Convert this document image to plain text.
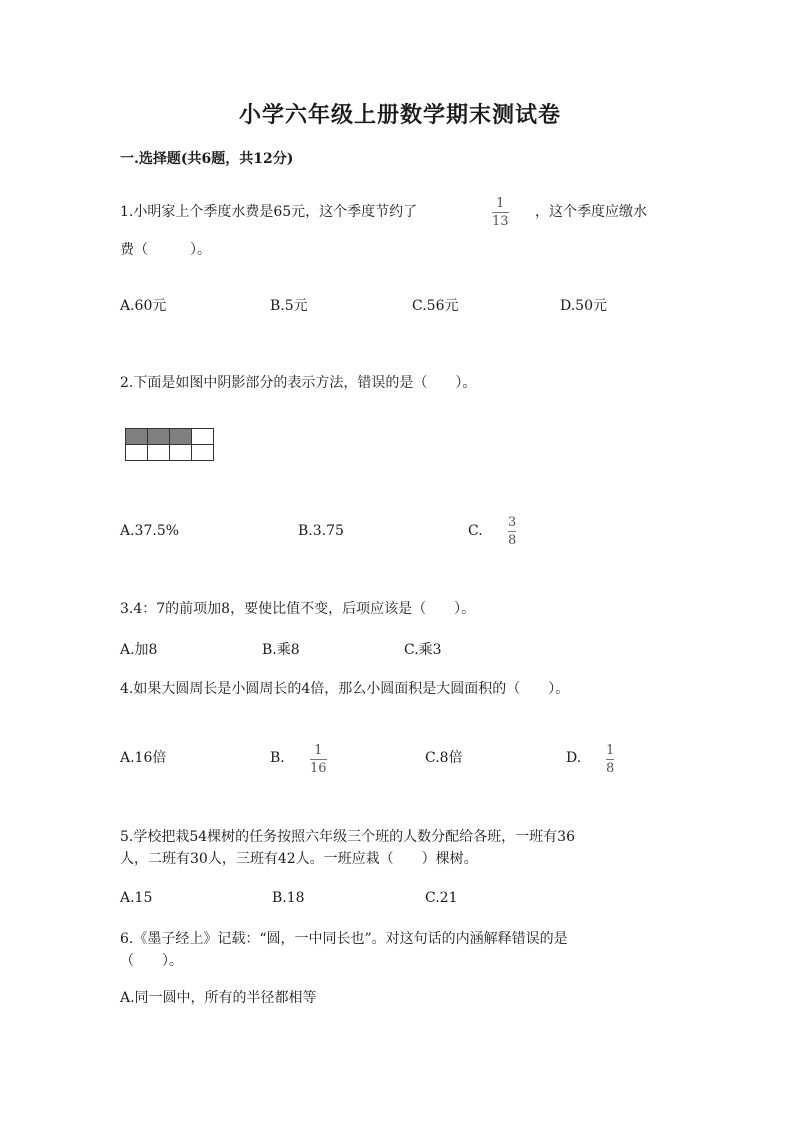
小学六年级上册数学期末测试卷
一.选择题(共6题，共12分)
1.小明家上个季度水费是65元，这个季度节约了
1
13
，这个季度应缴水
费（　　　）。
A.60元	B.5元	C.56元	D.50元
2.下面是如图中阴影部分的表示方法，错误的是（　　）。
A.37.5%	B.3.75	C.
3
8
3.4：7的前项加8，要使比值不变，后项应该是（　　）。
A.加8	B.乘8	C.乘3
4.如果大圆周长是小圆周长的4倍，那么小圆面积是大圆面积的（　　）。
A.16倍	B. 1
16
C.8倍	D. 1
8
5.学校把栽54棵树的任务按照六年级三个班的人数分配给各班，一班有36
人，二班有30人，三班有42人。一班应栽（　　）棵树。
A.15	B.18	C.21
6.《墨子经上》记载：“圆，一中同长也”。对这句话的内涵解释错误的是
（　　）。
A.同一圆中，所有的半径都相等
